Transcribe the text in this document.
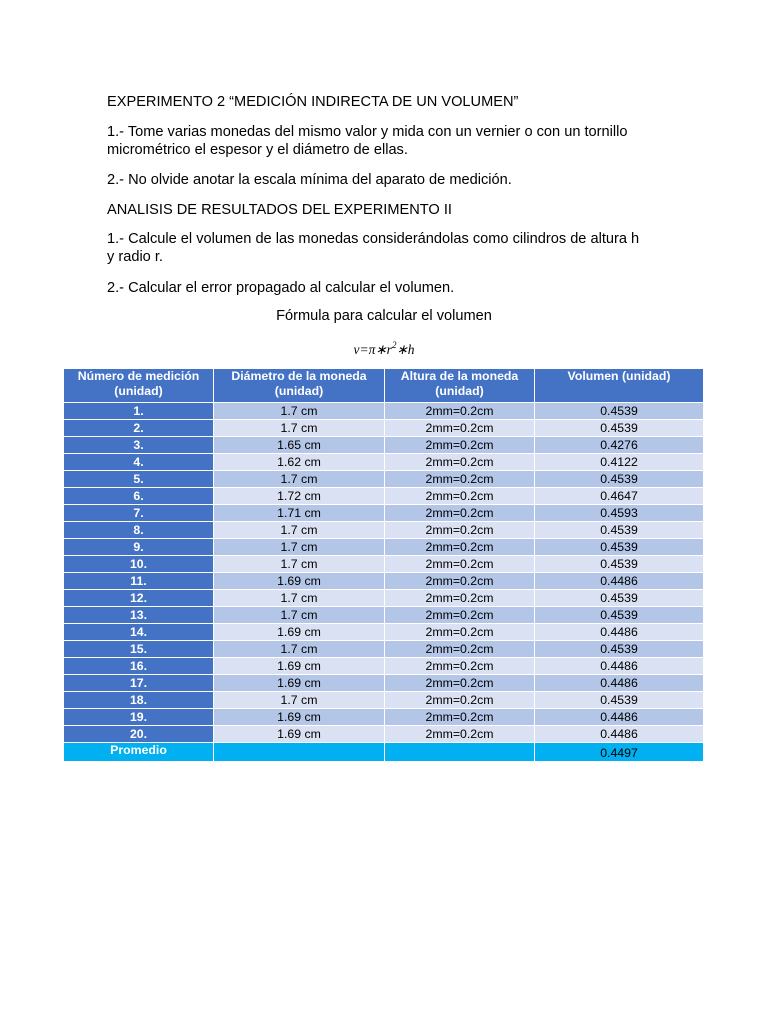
EXPERIMENTO 2 “MEDICIÓN INDIRECTA DE UN VOLUMEN”
1.- Tome varias monedas del mismo valor y mida con un vernier o con un tornillo
micrométrico el espesor y el diámetro de ellas.
2.- No olvide anotar la escala mínima del aparato de medición.
ANALISIS DE RESULTADOS DEL EXPERIMENTO II
1.- Calcule el volumen de las monedas considerándolas como cilindros de altura h
y radio r.
2.- Calcular el error propagado al calcular el volumen.
Fórmula para calcular el volumen
$v=\pi∗r^2∗h$
Número de medición (unidad)	Diámetro de la moneda (unidad)	Altura de la moneda (unidad)	Volumen (unidad)
1.	1.7 cm	2mm=0.2cm	0.4539
2.	1.7 cm	2mm=0.2cm	0.4539
3.	1.65 cm	2mm=0.2cm	0.4276
4.	1.62 cm	2mm=0.2cm	0.4122
5.	1.7 cm	2mm=0.2cm	0.4539
6.	1.72 cm	2mm=0.2cm	0.4647
7.	1.71 cm	2mm=0.2cm	0.4593
8.	1.7 cm	2mm=0.2cm	0.4539
9.	1.7 cm	2mm=0.2cm	0.4539
10.	1.7 cm	2mm=0.2cm	0.4539
11.	1.69 cm	2mm=0.2cm	0.4486
12.	1.7 cm	2mm=0.2cm	0.4539
13.	1.7 cm	2mm=0.2cm	0.4539
14.	1.69 cm	2mm=0.2cm	0.4486
15.	1.7 cm	2mm=0.2cm	0.4539
16.	1.69 cm	2mm=0.2cm	0.4486
17.	1.69 cm	2mm=0.2cm	0.4486
18.	1.7 cm	2mm=0.2cm	0.4539
19.	1.69 cm	2mm=0.2cm	0.4486
20.	1.69 cm	2mm=0.2cm	0.4486
Promedio			0.4497
